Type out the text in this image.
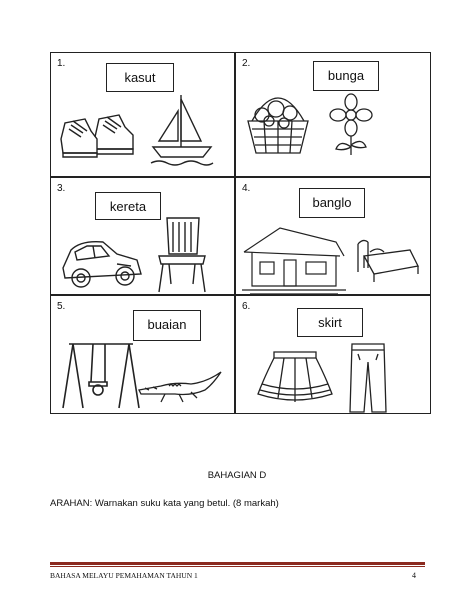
1.
kasut
2.
bunga
3.
kereta
4.
banglo
5.
buaian
6.
skirt
BAHAGIAN D
ARAHAN: Warnakan suku kata yang betul. (8 markah)
BAHASA MELAYU PEMAHAMAN TAHUN 1	4
